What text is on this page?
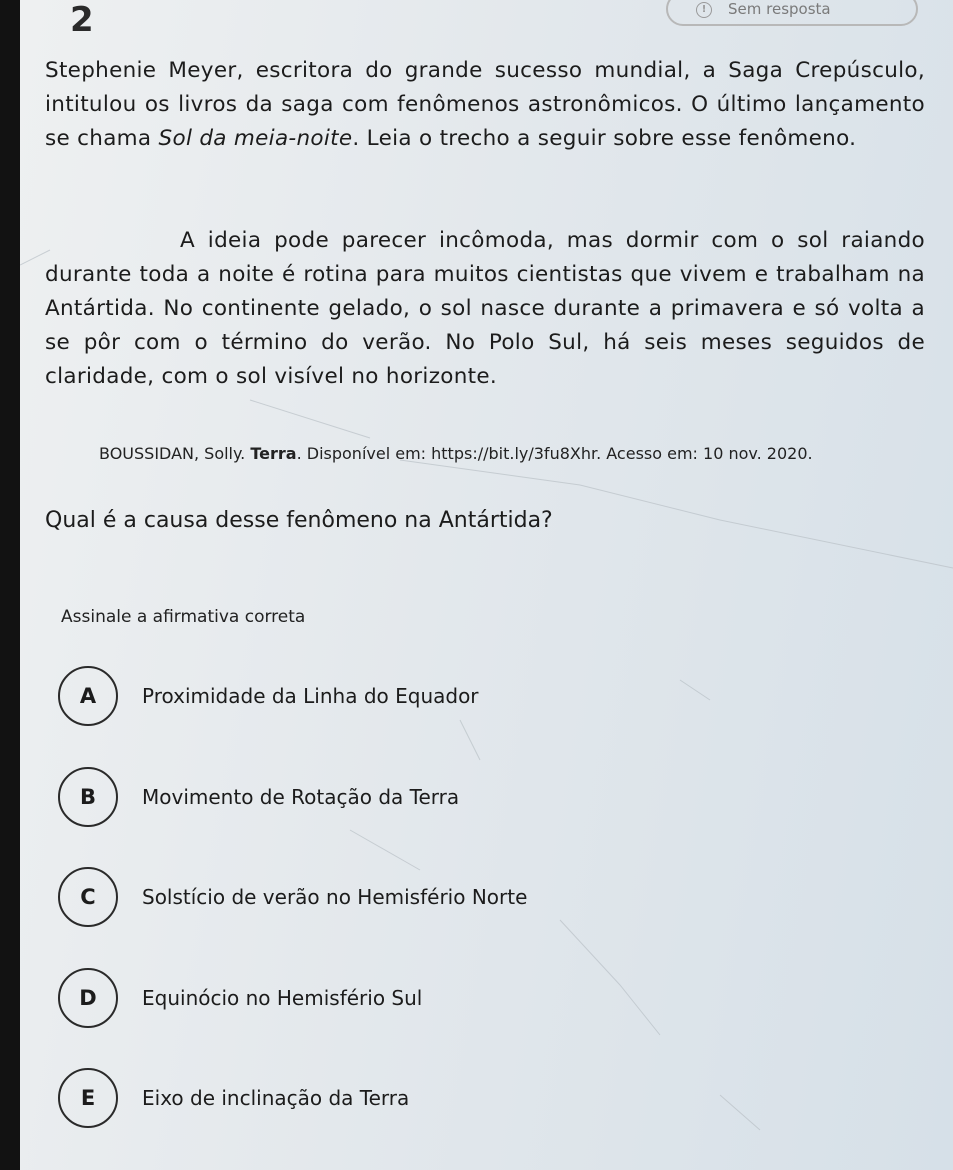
2	!	Sem resposta
Stephenie Meyer, escritora do grande sucesso mundial, a Saga Crepúsculo, intitulou os livros da saga com fenômenos astronômicos. O último lançamento se chama Sol da meia-noite. Leia o trecho a seguir sobre esse fenômeno.
A ideia pode parecer incômoda, mas dormir com o sol raiando durante toda a noite é rotina para muitos cientistas que vivem e trabalham na Antártida. No continente gelado, o sol nasce durante a primavera e só volta a se pôr com o término do verão. No Polo Sul, há seis meses seguidos de claridade, com o sol visível no horizonte.
BOUSSIDAN, Solly. Terra. Disponível em: https://bit.ly/3fu8Xhr. Acesso em: 10 nov. 2020.
Qual é a causa desse fenômeno na Antártida?
Assinale a afirmativa correta
A	Proximidade da Linha do Equador
B	Movimento de Rotação da Terra
C	Solstício de verão no Hemisfério Norte
D	Equinócio no Hemisfério Sul
E	Eixo de inclinação da Terra
